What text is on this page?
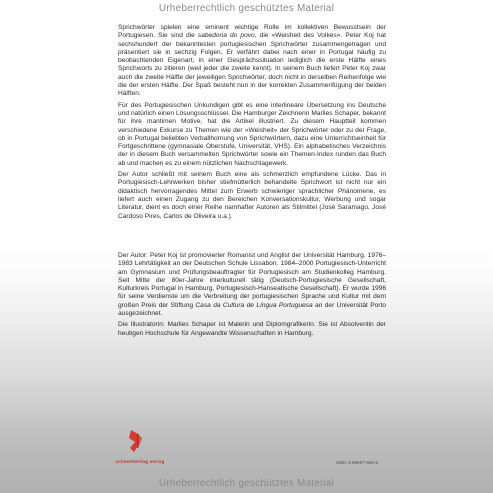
Urheberrechtlich geschütztes Material

Sprichwörter spielen eine eminent wichtige Rolle im kollektiven Bewusstsein der Portugiesen. Sie sind die sabedoria do povo, die «Weisheit des Volkes». Peter Koj hat sechshundert der bekanntesten portugiesischen Sprichwörter zusammengetragen und präsentiert sie in sechzig Folgen. Er verfährt dabei nach einer in Portugal häufig zu beobachtenden Eigenart, in einer Gesprächssituation lediglich die erste Hälfte eines Sprichworts zu zitieren (weil jeder die zweite kennt). In seinem Buch liefert Peter Koj zwar auch die zweite Hälfte der jeweiligen Sprichwörter, doch nicht in derselben Reihenfolge wie die der ersten Hälfte. Der Spaß besteht nun in der korrekten Zusammenfügung der beiden Hälften.

Für des Portugiesischen Unkundigen gibt es eine interlineare Übersetzung ins Deutsche und natürlich einen Lösungsschlüssel. Die Hamburger Zeichnerin Marlies Schaper, bekannt für ihre mantimen Motive, hat die Artikel illustriert. Zu diesem Hauptteil kommen verschiedene Exkurse zu Themen wie der «Weisheit» der Sprichwörter oder zu der Frage, ob in Portugal beliebten Verballhornung von Sprichwörtern, dazu eine Unterrichtseinheit für Fortgeschrittene (gymnasiale Oberstufe, Universität, VHS). Ein alphabetisches Verzeichnis der in diesem Buch versammelten Sprichwörter sowie ein Themen-Index runden das Buch ab und machen es zu einem nützlichen Nachschlagewerk.

Der Autor schließt mit seinem Buch eine als schmerzlich empfundene Lücke. Das in Portugiesisch-Lehrwerken bisher stiefmütterlich behandelte Sprichwort ist nicht nur ein didaktisch hervorragendes Mittel zum Erwerb schwieriger sprachlicher Phänomene, es liefert auch einen Zugang zu den Bereichen Konversationskultur, Werbung und sogar Literatur, dient es doch einer Reihe namhafter Autoren als Stilmittel (José Saramago, José Cardoso Pires, Carlos de Oliveira u.a.).

Der Autor: Peter Koj ist promovierter Romanist und Anglist der Universität Hamburg. 1976–1983 Lehrtätigkeit an der Deutschen Schule Lissabon. 1984–2000 Portugiesisch-Unterricht am Gymnasium und Prüfungsbeauftragter für Portugiesisch am Studienkolleg Hamburg. Seit Mitte der 80er-Jahre interkulturell tätig (Deutsch-Portugiesische Gesellschaft, Kulturkreis Portugal in Hamburg, Portugiesisch-Hanseatische Gesellschaft). Er wurde 1996 für seine Verdienste um die Verbreitung der portugiesischen Sprache und Kultur mit dem großen Preis der Stiftung Casa da Cultura de Língua Portuguesa an der Universität Porto ausgezeichnet.

Die Illustratorin: Marlies Schaper ist Malerin und Diplomgrafikerin. Sie ist Absolventin der heutigen Hochschule für Angewandte Wissenschaften in Hamburg.

schmetterling verlag	ISBN 3-89657-655-6
Urheberrechtlich geschütztes Material
